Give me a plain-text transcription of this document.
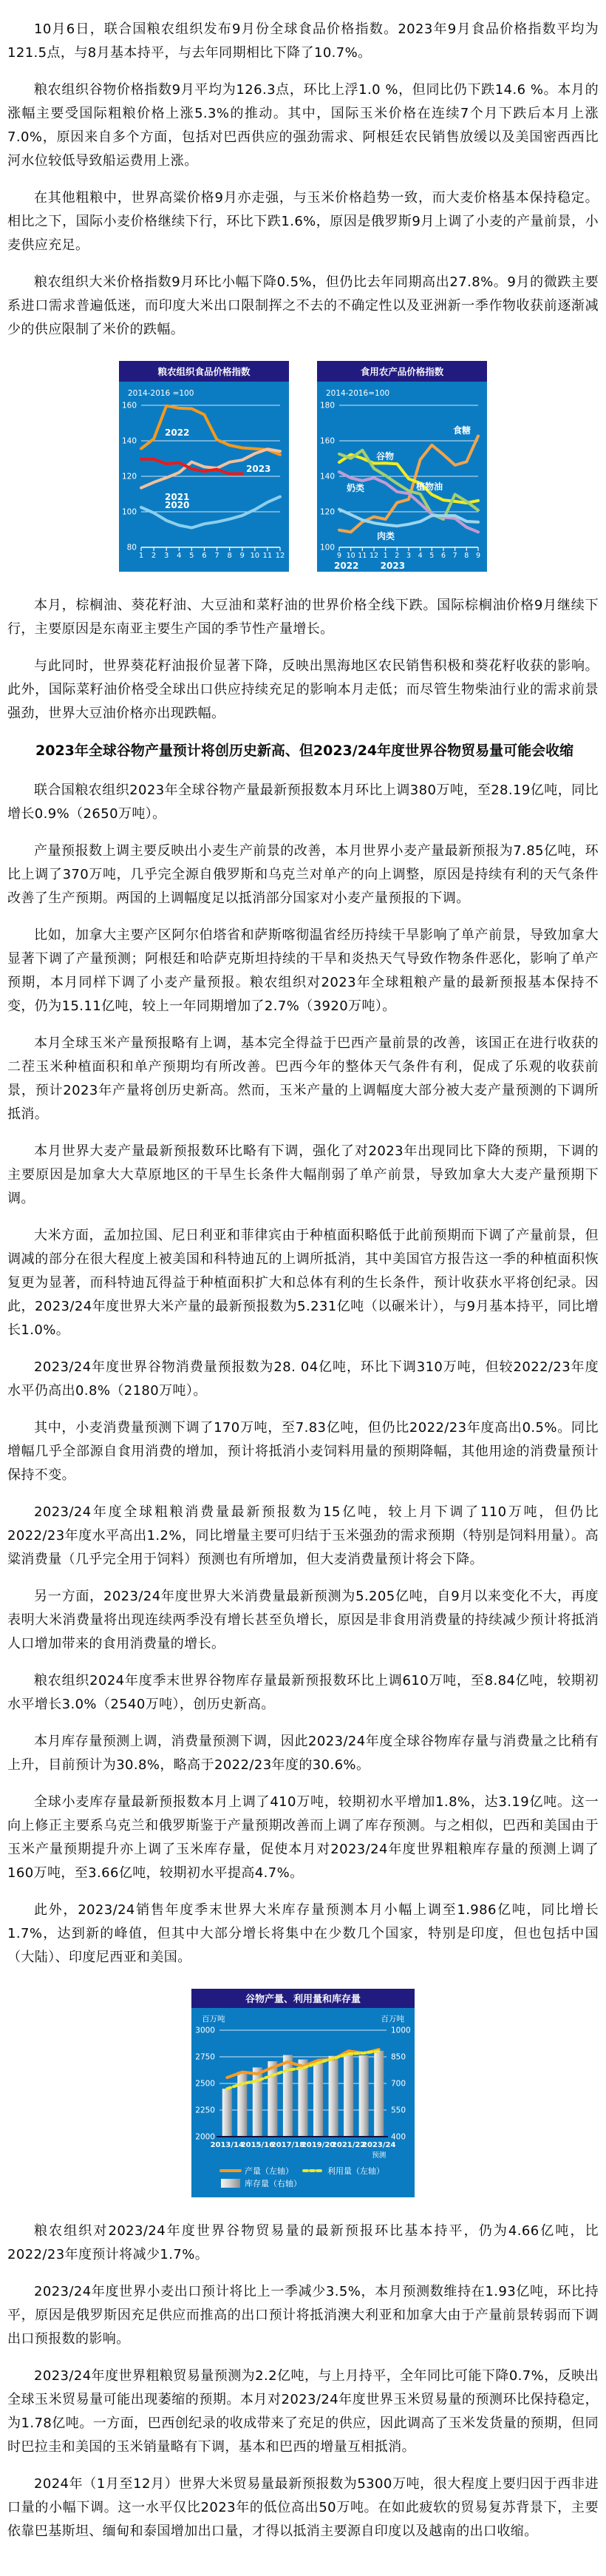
10月6日，联合国粮农组织发布9月份全球食品价格指数。2023年9月食品价格指数平均为121.5点，与8月基本持平，与去年同期相比下降了10.7%。

粮农组织谷物价格指数9月平均为126.3点，环比上浮1.0 %，但同比仍下跌14.6 %。本月的涨幅主要受国际粗粮价格上涨5.3%的推动。其中，国际玉米价格在连续7个月下跌后本月上涨7.0%，原因来自多个方面，包括对巴西供应的强劲需求、阿根廷农民销售放缓以及美国密西西比河水位较低导致船运费用上涨。

在其他粗粮中，世界高粱价格9月亦走强，与玉米价格趋势一致，而大麦价格基本保持稳定。相比之下，国际小麦价格继续下行，环比下跌1.6%，原因是俄罗斯9月上调了小麦的产量前景，小麦供应充足。

粮农组织大米价格指数9月环比小幅下降0.5%，但仍比去年同期高出27.8%。9月的微跌主要系进口需求普遍低迷，而印度大米出口限制挥之不去的不确定性以及亚洲新一季作物收获前逐渐减少的供应限制了米价的跌幅。

粮农组织食品价格指数
2014-2016 =100
80
100
120
140
160
1 2 3 4 5 6 7 8 9 10 11 12
2022
2021
2023
2020
食用农产品价格指数
2014-2016=100
100
120
140
160
180
9 10 11 12 1 2 3 4 5 6 7 8 9
2022 2023
食糖
谷物
奶类	植物油
肉类

本月，棕榈油、葵花籽油、大豆油和菜籽油的世界价格全线下跌。国际棕榈油价格9月继续下行，主要原因是东南亚主要生产国的季节性产量增长。

与此同时，世界葵花籽油报价显著下降，反映出黑海地区农民销售积极和葵花籽收获的影响。此外，国际菜籽油价格受全球出口供应持续充足的影响本月走低；而尽管生物柴油行业的需求前景强劲，世界大豆油价格亦出现跌幅。

2023年全球谷物产量预计将创历史新高、但2023/24年度世界谷物贸易量可能会收缩

联合国粮农组织2023年全球谷物产量最新预报数本月环比上调380万吨，至28.19亿吨，同比增长0.9%（2650万吨）。

产量预报数上调主要反映出小麦生产前景的改善，本月世界小麦产量最新预报为7.85亿吨，环比上调了370万吨，几乎完全源自俄罗斯和乌克兰对单产的向上调整，原因是持续有利的天气条件改善了生产预期。两国的上调幅度足以抵消部分国家对小麦产量预报的下调。

比如，加拿大主要产区阿尔伯塔省和萨斯喀彻温省经历持续干旱影响了单产前景，导致加拿大显著下调了产量预测；阿根廷和哈萨克斯坦持续的干旱和炎热天气导致作物条件恶化，影响了单产预期，本月同样下调了小麦产量预报。粮农组织对2023年全球粗粮产量的最新预报基本保持不变，仍为15.11亿吨，较上一年同期增加了2.7%（3920万吨）。

本月全球玉米产量预报略有上调，基本完全得益于巴西产量前景的改善，该国正在进行收获的二茬玉米种植面积和单产预期均有所改善。巴西今年的整体天气条件有利，促成了乐观的收获前景，预计2023年产量将创历史新高。然而，玉米产量的上调幅度大部分被大麦产量预测的下调所抵消。

本月世界大麦产量最新预报数环比略有下调，强化了对2023年出现同比下降的预期，下调的主要原因是加拿大大草原地区的干旱生长条件大幅削弱了单产前景，导致加拿大大麦产量预期下调。

大米方面，孟加拉国、尼日利亚和菲律宾由于种植面积略低于此前预期而下调了产量前景，但调减的部分在很大程度上被美国和科特迪瓦的上调所抵消，其中美国官方报告这一季的种植面积恢复更为显著，而科特迪瓦得益于种植面积扩大和总体有利的生长条件，预计收获水平将创纪录。因此，2023/24年度世界大米产量的最新预报数为5.231亿吨（以碾米计），与9月基本持平，同比增长1.0%。

2023/24年度世界谷物消费量预报数为28. 04亿吨，环比下调310万吨，但较2022/23年度水平仍高出0.8%（2180万吨）。

其中，小麦消费量预测下调了170万吨，至7.83亿吨，但仍比2022/23年度高出0.5%。同比增幅几乎全部源自食用消费的增加，预计将抵消小麦饲料用量的预期降幅，其他用途的消费量预计保持不变。

2023/24年度全球粗粮消费量最新预报数为15亿吨，较上月下调了110万吨，但仍比2022/23年度水平高出1.2%，同比增量主要可归结于玉米强劲的需求预期（特别是饲料用量）。高粱消费量（几乎完全用于饲料）预测也有所增加，但大麦消费量预计将会下降。

另一方面，2023/24年度世界大米消费量最新预测为5.205亿吨，自9月以来变化不大，再度表明大米消费量将出现连续两季没有增长甚至负增长，原因是非食用消费量的持续减少预计将抵消人口增加带来的食用消费量的增长。

粮农组织2024年度季末世界谷物库存量最新预报数环比上调610万吨，至8.84亿吨，较期初水平增长3.0%（2540万吨），创历史新高。

本月库存量预测上调，消费量预测下调，因此2023/24年度全球谷物库存量与消费量之比稍有上升，目前预计为30.8%，略高于2022/23年度的30.6%。

全球小麦库存量最新预报数本月上调了410万吨，较期初水平增加1.8%，达3.19亿吨。这一向上修正主要系乌克兰和俄罗斯鉴于产量预期改善而上调了库存预测。与之相似，巴西和美国由于玉米产量预期提升亦上调了玉米库存量，促使本月对2023/24年度世界粗粮库存量的预测上调了160万吨，至3.66亿吨，较期初水平提高4.7%。

此外，2023/24销售年度季末世界大米库存量预测本月小幅上调至1.986亿吨，同比增长1.7%，达到新的峰值，但其中大部分增长将集中在少数几个国家，特别是印度，但也包括中国（大陆）、印度尼西亚和美国。

谷物产量、利用量和库存量
百万吨	百万吨
2000	400
2250	550
2500	700
2750	850
3000	1000
2013/14
2015/16
2017/18
2019/20
2021/22
2023/24
预测
产量（左轴）	利用量（左轴）
库存量（右轴）

粮农组织对2023/24年度世界谷物贸易量的最新预报环比基本持平，仍为4.66亿吨，比2022/23年度预计将减少1.7%。

2023/24年度世界小麦出口预计将比上一季减少3.5%，本月预测数维持在1.93亿吨，环比持平，原因是俄罗斯因充足供应而推高的出口预计将抵消澳大利亚和加拿大由于产量前景转弱而下调出口预报数的影响。

2023/24年度世界粗粮贸易量预测为2.2亿吨，与上月持平，全年同比可能下降0.7%，反映出全球玉米贸易量可能出现萎缩的预期。本月对2023/24年度世界玉米贸易量的预测环比保持稳定，为1.78亿吨。一方面，巴西创纪录的收成带来了充足的供应，因此调高了玉米发货量的预期，但同时巴拉圭和美国的玉米销量略有下调，基本和巴西的增量互相抵消。

2024年（1月至12月）世界大米贸易量最新预报数为5300万吨，很大程度上要归因于西非进口量的小幅下调。这一水平仅比2023年的低位高出50万吨。在如此疲软的贸易复苏背景下，主要依靠巴基斯坦、缅甸和泰国增加出口量，才得以抵消主要源自印度以及越南的出口收缩。
